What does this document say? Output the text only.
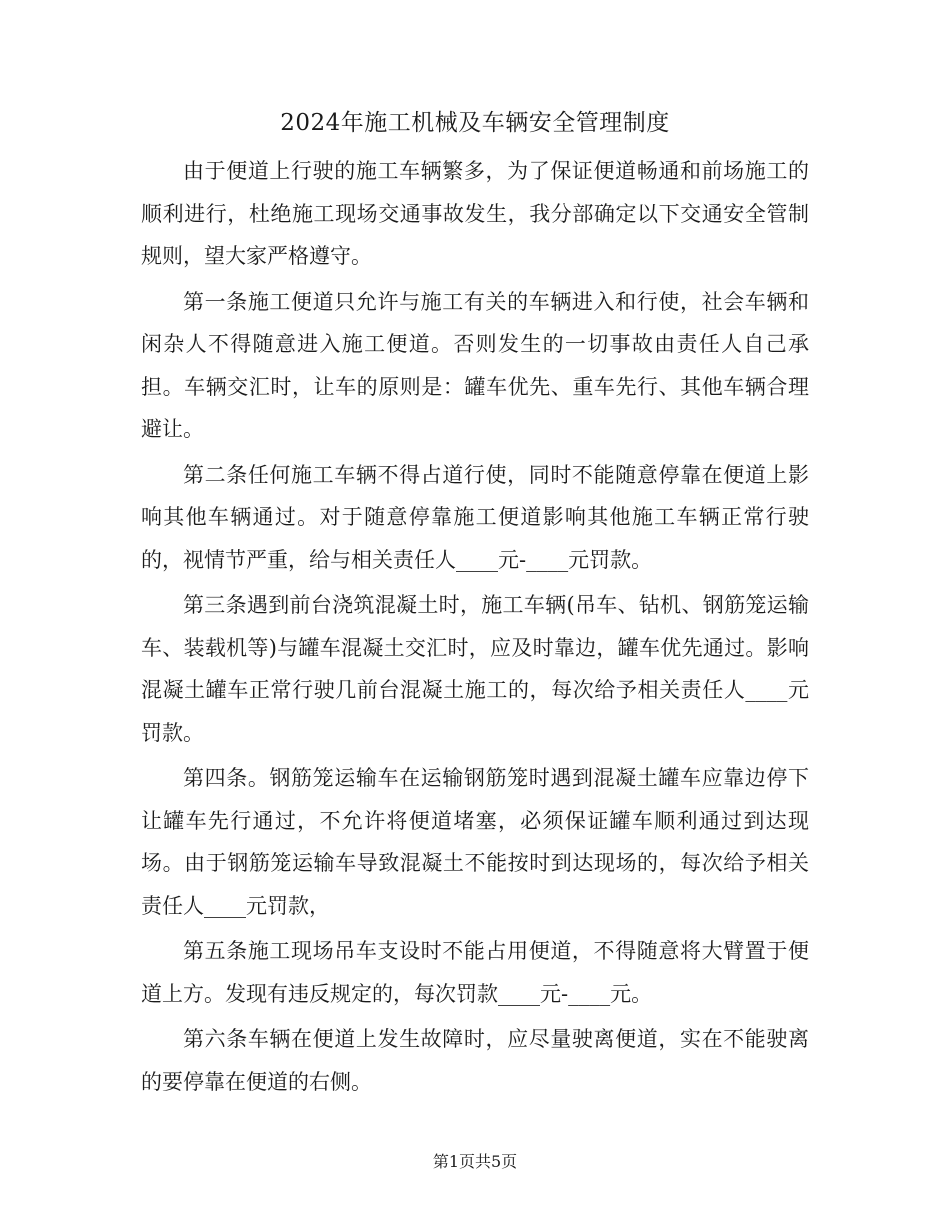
2024年施工机械及车辆安全管理制度

由于便道上行驶的施工车辆繁多，为了保证便道畅通和前场施工的顺利进行，杜绝施工现场交通事故发生，我分部确定以下交通安全管制规则，望大家严格遵守。

第一条施工便道只允许与施工有关的车辆进入和行使，社会车辆和闲杂人不得随意进入施工便道。否则发生的一切事故由责任人自己承担。车辆交汇时，让车的原则是：罐车优先、重车先行、其他车辆合理避让。

第二条任何施工车辆不得占道行使，同时不能随意停靠在便道上影响其他车辆通过。对于随意停靠施工便道影响其他施工车辆正常行驶的，视情节严重，给与相关责任人____元-____元罚款。

第三条遇到前台浇筑混凝土时，施工车辆(吊车、钻机、钢筋笼运输车、装载机等)与罐车混凝土交汇时，应及时靠边，罐车优先通过。影响混凝土罐车正常行驶几前台混凝土施工的，每次给予相关责任人____元罚款。

第四条。钢筋笼运输车在运输钢筋笼时遇到混凝土罐车应靠边停下让罐车先行通过，不允许将便道堵塞，必须保证罐车顺利通过到达现场。由于钢筋笼运输车导致混凝土不能按时到达现场的，每次给予相关责任人____元罚款，

第五条施工现场吊车支设时不能占用便道，不得随意将大臂置于便道上方。发现有违反规定的，每次罚款____元-____元。

第六条车辆在便道上发生故障时，应尽量驶离便道，实在不能驶离的要停靠在便道的右侧。

第1页共5页
